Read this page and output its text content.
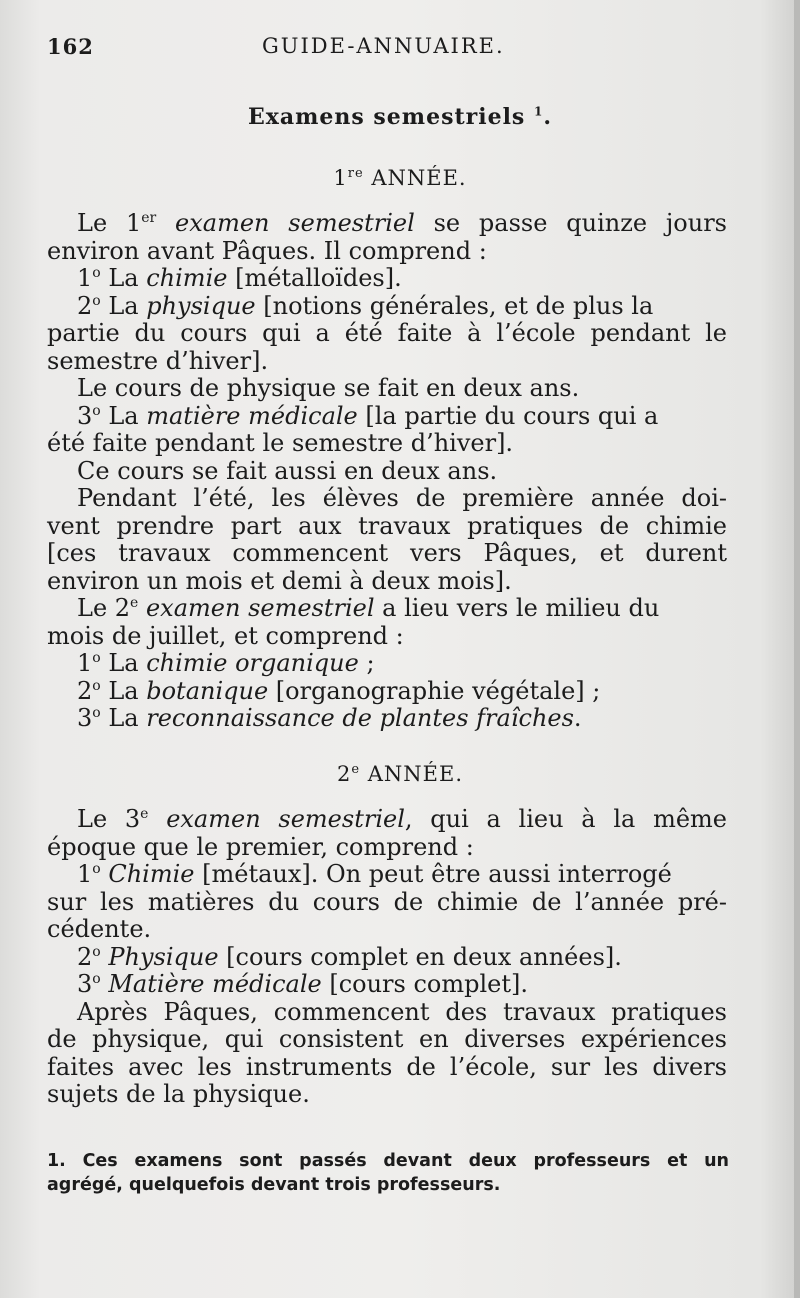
162	GUIDE-ANNUAIRE.
Examens semestriels $^1$.
1re ANNÉE.
Le 1er examen semestriel se passe quinze jours
environ avant Pâques. Il comprend :
1$^o$ La chimie [métalloïdes].
2$^o$ La physique [notions générales, et de plus la
partie du cours qui a été faite à l’école pendant le
semestre d’hiver].
Le cours de physique se fait en deux ans.
3$^o$ La matière médicale [la partie du cours qui a
été faite pendant le semestre d’hiver].
Ce cours se fait aussi en deux ans.
Pendant l’été, les élèves de première année doi-
vent prendre part aux travaux pratiques de chimie
[ces travaux commencent vers Pâques, et durent
environ un mois et demi à deux mois].
Le 2e examen semestriel a lieu vers le milieu du
mois de juillet, et comprend :
1$^o$ La chimie organique ;
2$^o$ La botanique [organographie végétale] ;
3$^o$ La reconnaissance de plantes fraîches.
2e ANNÉE.
Le 3e examen semestriel, qui a lieu à la même
époque que le premier, comprend :
1$^o$ Chimie [métaux]. On peut être aussi interrogé
sur les matières du cours de chimie de l’année pré-
cédente.
2$^o$ Physique [cours complet en deux années].
3$^o$ Matière médicale [cours complet].
Après Pâques, commencent des travaux pratiques
de physique, qui consistent en diverses expériences
faites avec les instruments de l’école, sur les divers
sujets de la physique.
1. Ces examens sont passés devant deux professeurs et un
agrégé, quelquefois devant trois professeurs.
